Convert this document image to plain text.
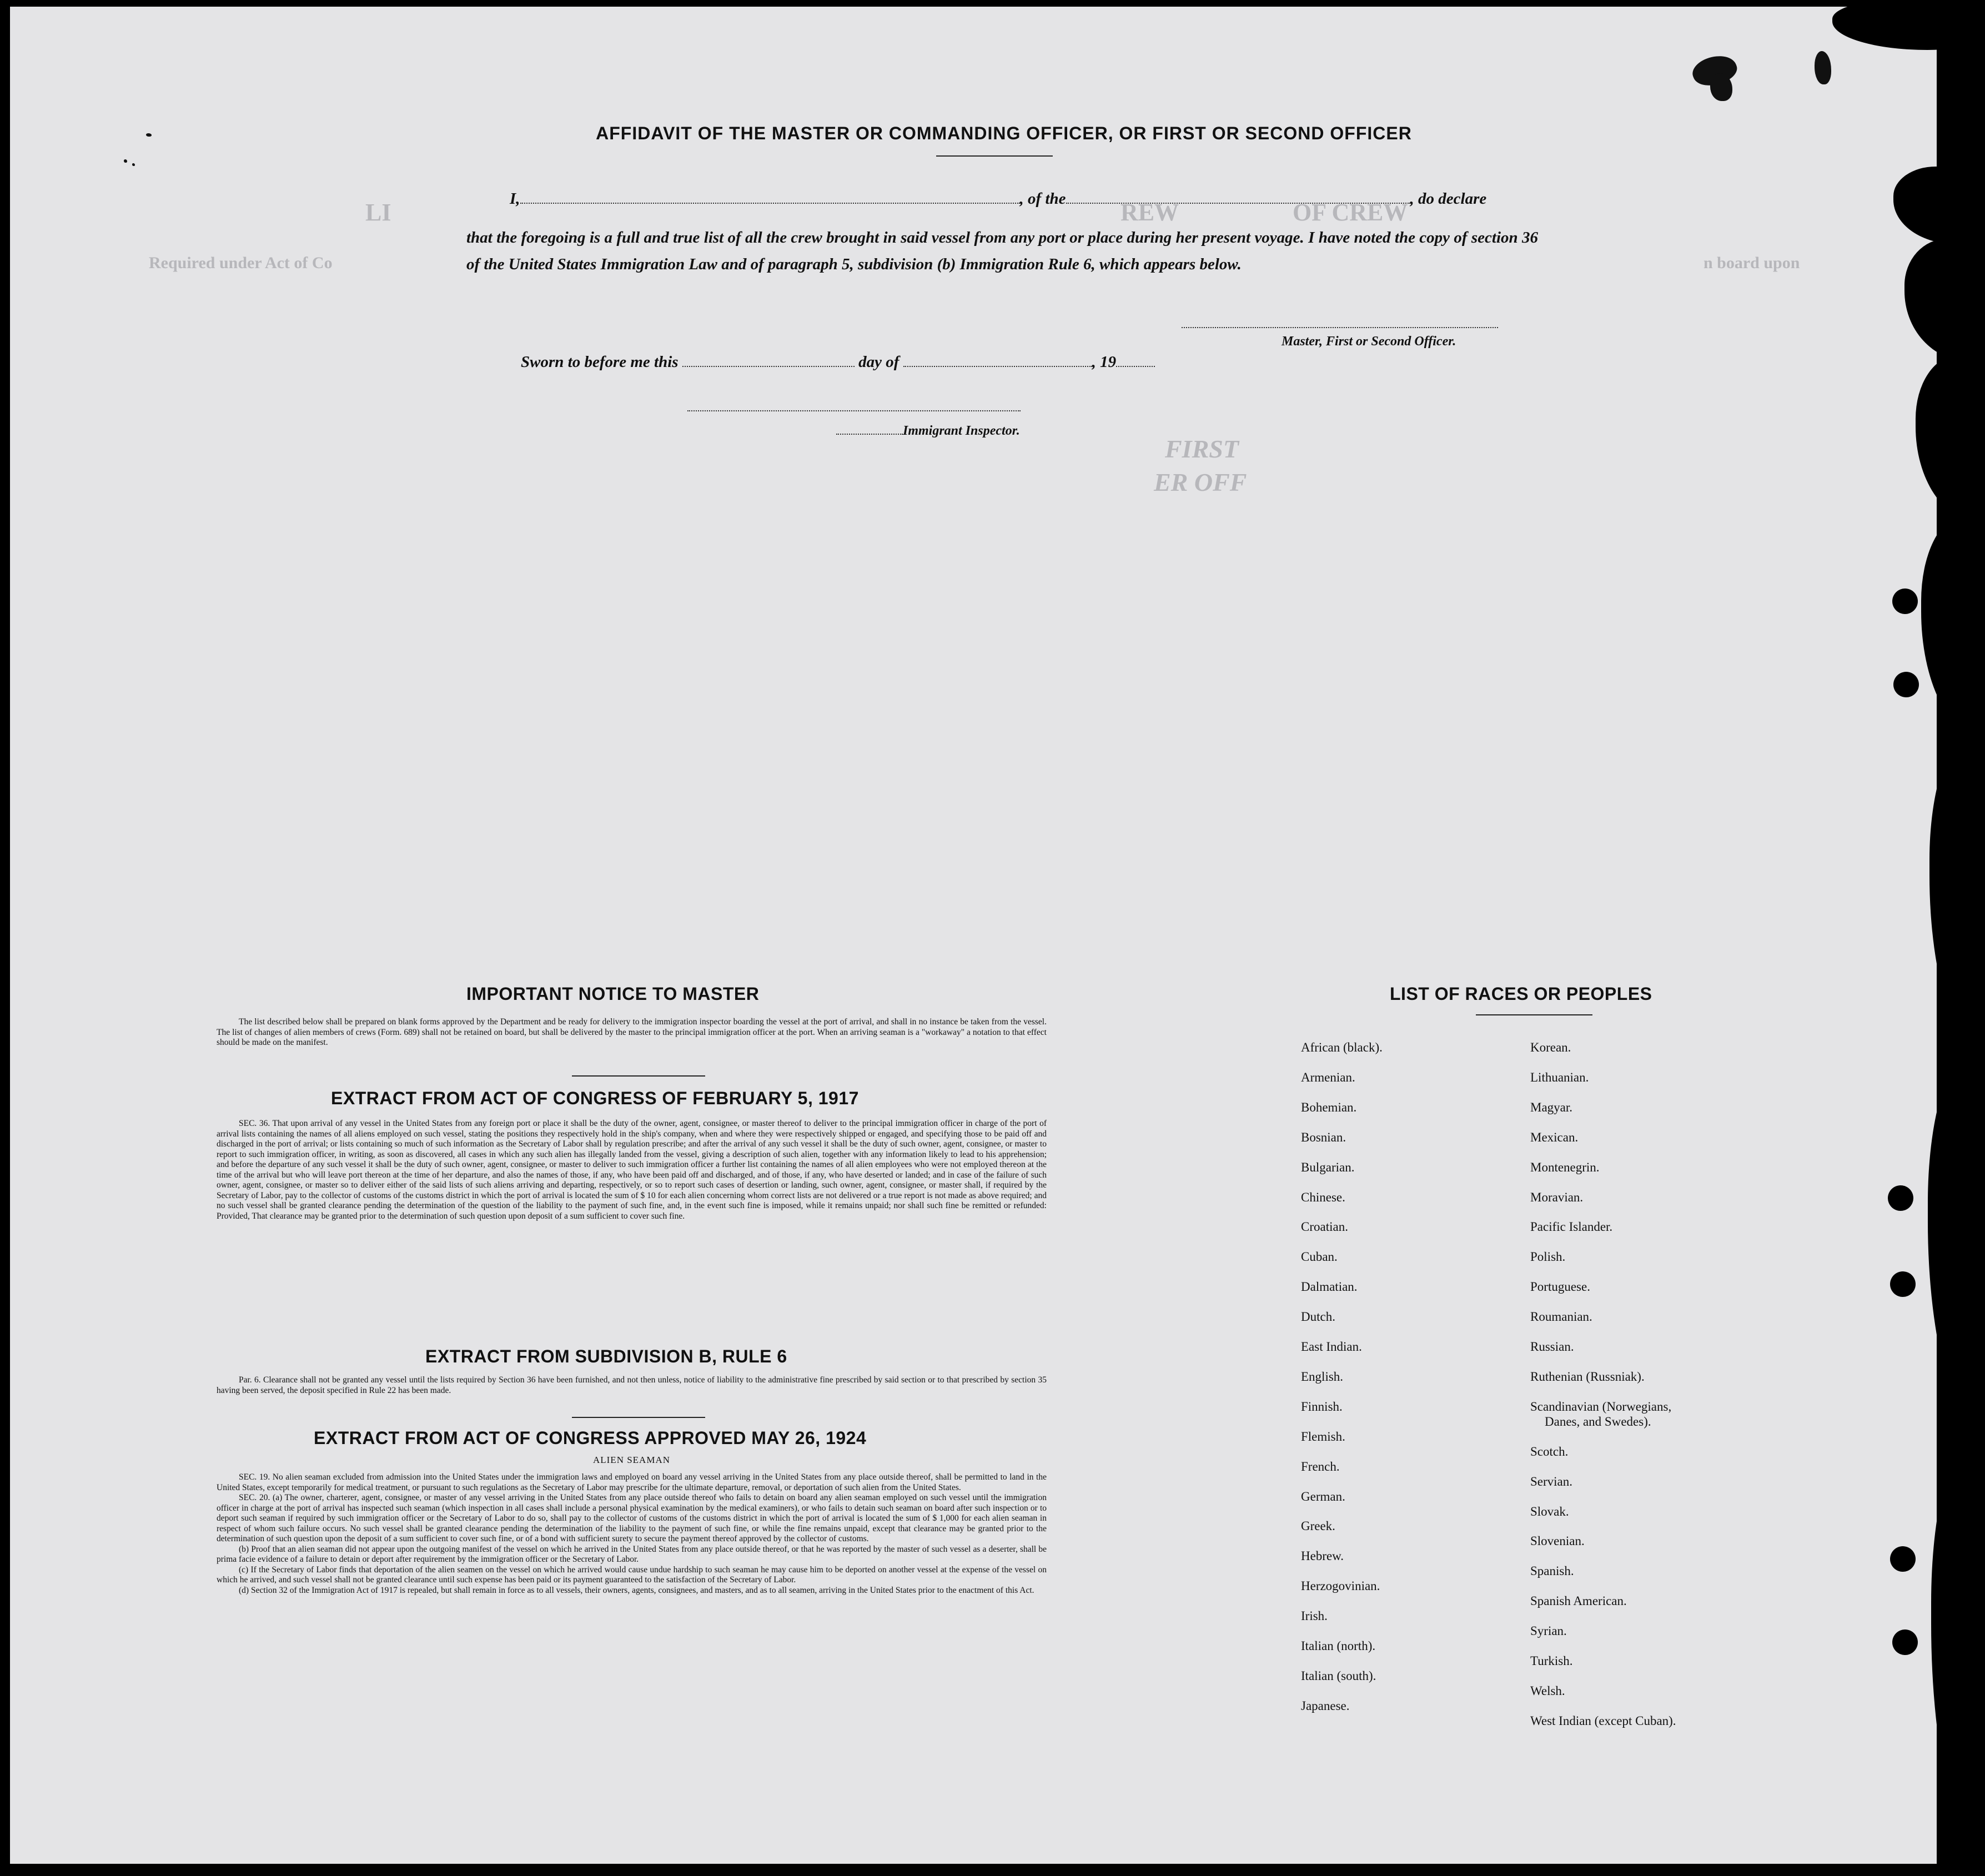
LI	REW	OF CREW
Required under Act of Co	n board upon
FIRST
ER OFF
AFFIDAVIT OF THE MASTER OR COMMANDING OFFICER, OR FIRST OR SECOND OFFICER
I,	, of the	, do declare
that the foregoing is a full and true list of all the crew brought in said vessel from any port or place during her present voyage. I have noted the copy of section 36 of the United States Immigration Law and of paragraph 5, subdivision (b) Immigration Rule 6, which appears below.
Master, First or Second Officer.
Sworn to before me this	day of	, 19
Immigrant Inspector.
IMPORTANT NOTICE TO MASTER

The list described below shall be prepared on blank forms approved by the Department and be ready for delivery to the immigration inspector boarding the vessel at the port of arrival, and shall in no instance be taken from the vessel. The list of changes of alien members of crews (Form. 689) shall not be retained on board, but shall be delivered by the master to the principal immigration officer at the port. When an arriving seaman is a "workaway" a notation to that effect should be made on the manifest.

EXTRACT FROM ACT OF CONGRESS OF FEBRUARY 5, 1917

SEC. 36. That upon arrival of any vessel in the United States from any foreign port or place it shall be the duty of the owner, agent, consignee, or master thereof to deliver to the principal immigration officer in charge of the port of arrival lists containing the names of all aliens employed on such vessel, stating the positions they respectively hold in the ship's company, when and where they were respectively shipped or engaged, and specifying those to be paid off and discharged in the port of arrival; or lists containing so much of such information as the Secretary of Labor shall by regulation prescribe; and after the arrival of any such vessel it shall be the duty of such owner, agent, consignee, or master to report to such immigration officer, in writing, as soon as discovered, all cases in which any such alien has illegally landed from the vessel, giving a description of such alien, together with any information likely to lead to his apprehension; and before the departure of any such vessel it shall be the duty of such owner, agent, consignee, or master to deliver to such immigration officer a further list containing the names of all alien employees who were not employed thereon at the time of the arrival but who will leave port thereon at the time of her departure, and also the names of those, if any, who have been paid off and discharged, and of those, if any, who have deserted or landed; and in case of the failure of such owner, agent, consignee, or master so to deliver either of the said lists of such aliens arriving and departing, respectively, or so to report such cases of desertion or landing, such owner, agent, consignee, or master shall, if required by the Secretary of Labor, pay to the collector of customs of the customs district in which the port of arrival is located the sum of $ 10 for each alien concerning whom correct lists are not delivered or a true report is not made as above required; and no such vessel shall be granted clearance pending the determination of the question of the liability to the payment of such fine, and, in the event such fine is imposed, while it remains unpaid; nor shall such fine be remitted or refunded: Provided, That clearance may be granted prior to the determination of such question upon deposit of a sum sufficient to cover such fine.

EXTRACT FROM SUBDIVISION B, RULE 6

Par. 6. Clearance shall not be granted any vessel until the lists required by Section 36 have been furnished, and not then unless, notice of liability to the administrative fine prescribed by said section or to that prescribed by section 35 having been served, the deposit specified in Rule 22 has been made.

EXTRACT FROM ACT OF CONGRESS APPROVED MAY 26, 1924
ALIEN SEAMAN

SEC. 19. No alien seaman excluded from admission into the United States under the immigration laws and employed on board any vessel arriving in the United States from any place outside thereof, shall be permitted to land in the United States, except temporarily for medical treatment, or pursuant to such regulations as the Secretary of Labor may prescribe for the ultimate departure, removal, or deportation of such alien from the United States.

SEC. 20. (a) The owner, charterer, agent, consignee, or master of any vessel arriving in the United States from any place outside thereof who fails to detain on board any alien seaman employed on such vessel until the immigration officer in charge at the port of arrival has inspected such seaman (which inspection in all cases shall include a personal physical examination by the medical examiners), or who fails to detain such seaman on board after such inspection or to deport such seaman if required by such immigration officer or the Secretary of Labor to do so, shall pay to the collector of customs of the customs district in which the port of arrival is located the sum of $ 1,000 for each alien seaman in respect of whom such failure occurs. No such vessel shall be granted clearance pending the determination of the liability to the payment of such fine, or while the fine remains unpaid, except that clearance may be granted prior to the determination of such question upon the deposit of a sum sufficient to cover such fine, or of a bond with sufficient surety to secure the payment thereof approved by the collector of customs.

(b) Proof that an alien seaman did not appear upon the outgoing manifest of the vessel on which he arrived in the United States from any place outside thereof, or that he was reported by the master of such vessel as a deserter, shall be prima facie evidence of a failure to detain or deport after requirement by the immigration officer or the Secretary of Labor.

(c) If the Secretary of Labor finds that deportation of the alien seamen on the vessel on which he arrived would cause undue hardship to such seaman he may cause him to be deported on another vessel at the expense of the vessel on which he arrived, and such vessel shall not be granted clearance until such expense has been paid or its payment guaranteed to the satisfaction of the Secretary of Labor.

(d) Section 32 of the Immigration Act of 1917 is repealed, but shall remain in force as to all vessels, their owners, agents, consignees, and masters, and as to all seamen, arriving in the United States prior to the enactment of this Act.

LIST OF RACES OR PEOPLES
African (black).
Armenian.
Bohemian.
Bosnian.
Bulgarian.
Chinese.
Croatian.
Cuban.
Dalmatian.
Dutch.
East Indian.
English.
Finnish.
Flemish.
French.
German.
Greek.
Hebrew.
Herzogovinian.
Irish.
Italian (north).
Italian (south).
Japanese.
Korean.
Lithuanian.
Magyar.
Mexican.
Montenegrin.
Moravian.
Pacific Islander.
Polish.
Portuguese.
Roumanian.
Russian.
Ruthenian (Russniak).
Scandinavian (Norwegians,
Danes, and Swedes).
Scotch.
Servian.
Slovak.
Slovenian.
Spanish.
Spanish American.
Syrian.
Turkish.
Welsh.
West Indian (except Cuban).
